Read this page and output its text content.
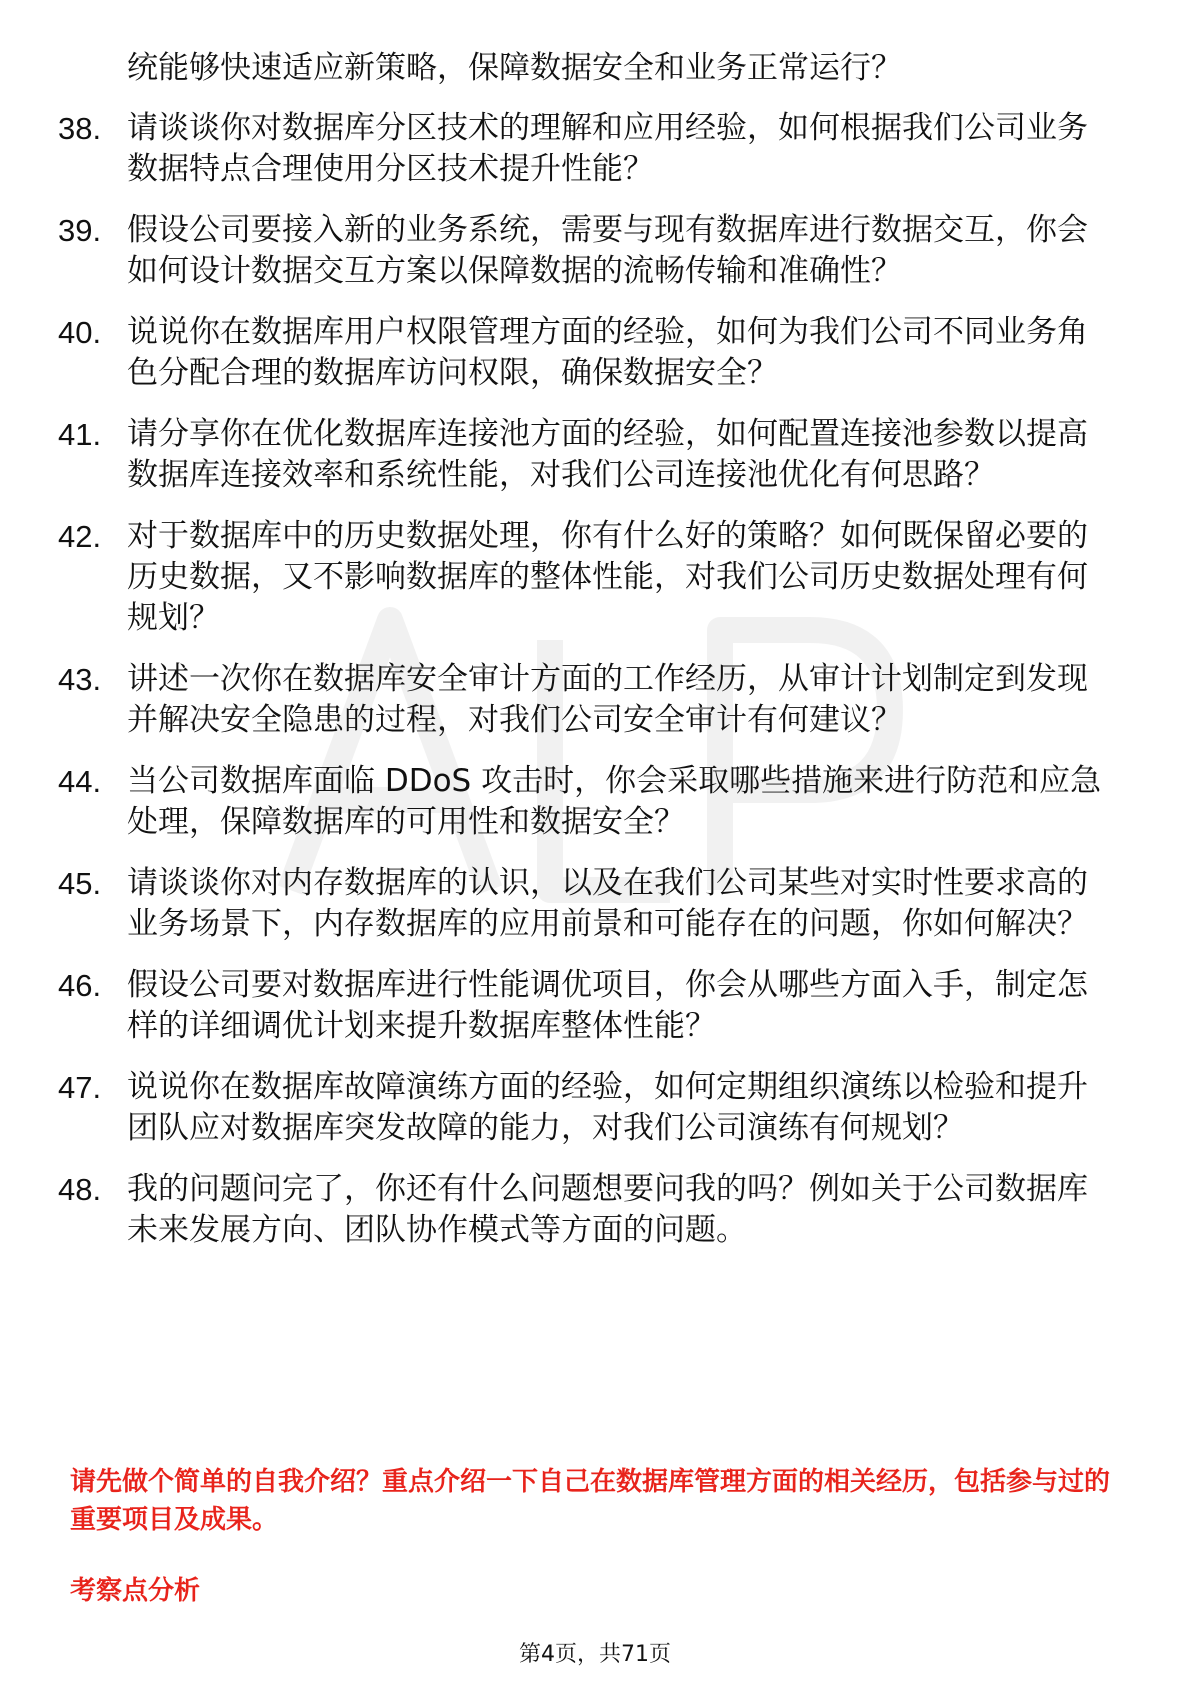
统能够快速适应新策略，保障数据安全和业务正常运行？
38. 请谈谈你对数据库分区技术的理解和应用经验，如何根据我们公司业务数据特点合理使用分区技术提升性能？
39. 假设公司要接入新的业务系统，需要与现有数据库进行数据交互，你会如何设计数据交互方案以保障数据的流畅传输和准确性？
40. 说说你在数据库用户权限管理方面的经验，如何为我们公司不同业务角色分配合理的数据库访问权限，确保数据安全？
41. 请分享你在优化数据库连接池方面的经验，如何配置连接池参数以提高数据库连接效率和系统性能，对我们公司连接池优化有何思路？
42. 对于数据库中的历史数据处理，你有什么好的策略？如何既保留必要的历史数据，又不影响数据库的整体性能，对我们公司历史数据处理有何规划？
43. 讲述一次你在数据库安全审计方面的工作经历，从审计计划制定到发现并解决安全隐患的过程，对我们公司安全审计有何建议？
44. 当公司数据库面临 DDoS 攻击时，你会采取哪些措施来进行防范和应急处理，保障数据库的可用性和数据安全？
45. 请谈谈你对内存数据库的认识，以及在我们公司某些对实时性要求高的业务场景下，内存数据库的应用前景和可能存在的问题，你如何解决？
46. 假设公司要对数据库进行性能调优项目，你会从哪些方面入手，制定怎样的详细调优计划来提升数据库整体性能？
47. 说说你在数据库故障演练方面的经验，如何定期组织演练以检验和提升团队应对数据库突发故障的能力，对我们公司演练有何规划？
48. 我的问题问完了，你还有什么问题想要问我的吗？例如关于公司数据库未来发展方向、团队协作模式等方面的问题。
请先做个简单的自我介绍？重点介绍一下自己在数据库管理方面的相关经历，包括参与过的重要项目及成果。
考察点分析
第4页，共71页
